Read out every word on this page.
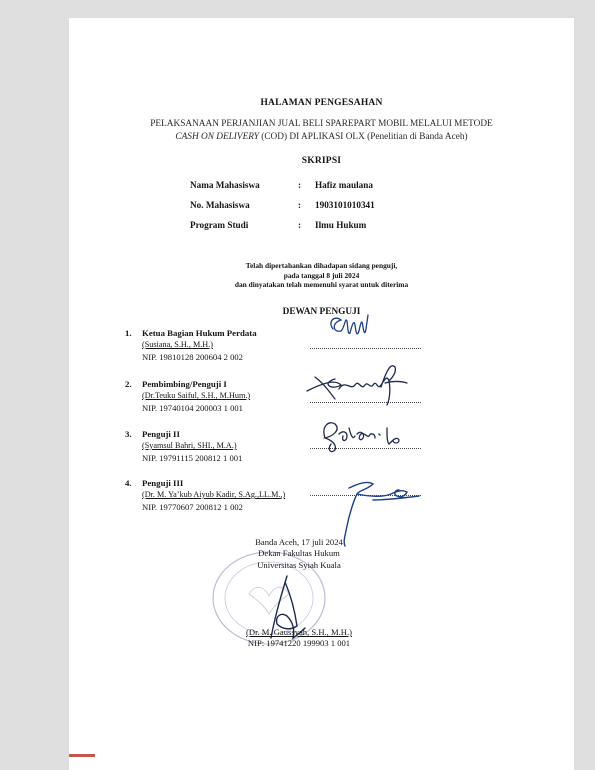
HALAMAN PENGESAHAN
PELAKSANAAN PERJANJIAN JUAL BELI SPAREPART MOBIL MELALUI METODE
CASH ON DELIVERY (COD) DI APLIKASI OLX (Penelitian di Banda Aceh)
SKRIPSI
Nama Mahasiswa	: Hafiz maulana
No. Mahasiswa	: 1903101010341
Program Studi	: Ilmu Hukum
Telah dipertahankan dihadapan sidang penguji,
pada tanggal 8 juli 2024
dan dinyatakan telah memenuhi syarat untuk diterima
DEWAN PENGUJI
1. Ketua Bagian Hukum Perdata
(Susiana, S.H., M.H.)
NIP. 19810128 200604 2 002
2. Pembimbing/Penguji I
(Dr.Teuku Saiful, S.H., M.Hum.)
NIP. 19740104 200003 1 001
3. Penguji II
(Syamsul Bahri, SHI., M.A.)
NIP. 19791115 200812 1 001
4. Penguji III
(Dr. M. Ya’kub Aiyub Kadir, S.Ag.,LL.M.,)
NIP. 19770607 200812 1 002
Banda Aceh, 17 juli 2024
Dekan Fakultas Hukum
Universitas Syiah Kuala
(Dr. M. Gaussyah, S.H., M.H.)
NIP: 19741220 199903 1 001
